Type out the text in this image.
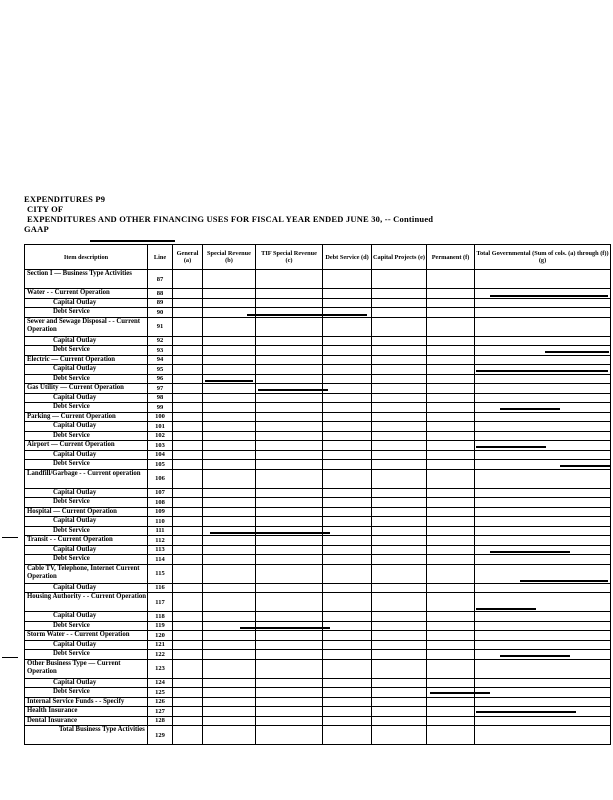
EXPENDITURES P9
CITY OF
EXPENDITURES AND OTHER FINANCING USES FOR FISCAL YEAR ENDED JUNE 30, -- Continued
GAAP
Item description	Line	General (a)	Special Revenue (b)	TIF Special Revenue (c)	Debt Service (d)	Capital Projects (e)	Permanent (f)	Total Governmental (Sum of cols. (a) through (f)) (g)
Section I — Business Type Activities	87							
Water - - Current Operation	88							
Capital Outlay	89							
Debt Service	90							
Sewer and Sewage Disposal - - Current Operation	91							
Capital Outlay	92							
Debt Service	93							
Electric — Current Operation	94							
Capital Outlay	95							
Debt Service	96							
Gas Utility — Current Operation	97							
Capital Outlay	98							
Debt Service	99							
Parking — Current Operation	100							
Capital Outlay	101							
Debt Service	102							
Airport — Current Operation	103							
Capital Outlay	104							
Debt Service	105							
Landfill/Garbage - - Current operation	106							
Capital Outlay	107							
Debt Service	108							
Hospital — Current Operation	109							
Capital Outlay	110							
Debt Service	111							
Transit - - Current Operation	112							
Capital Outlay	113							
Debt Service	114							
Cable TV, Telephone, Internet Current Operation	115							
Capital Outlay	116							
Housing Authority - - Current Operation	117							
Capital Outlay	118							
Debt Service	119							
Storm Water - - Current Operation	120							
Capital Outlay	121							
Debt Service	122							
Other Business Type — Current Operation	123							
Capital Outlay	124							
Debt Service	125							
Internal Service Funds - - Specify	126							
Health Insurance	127							
Dental Insurance	128							
Total Business Type Activities	129							
